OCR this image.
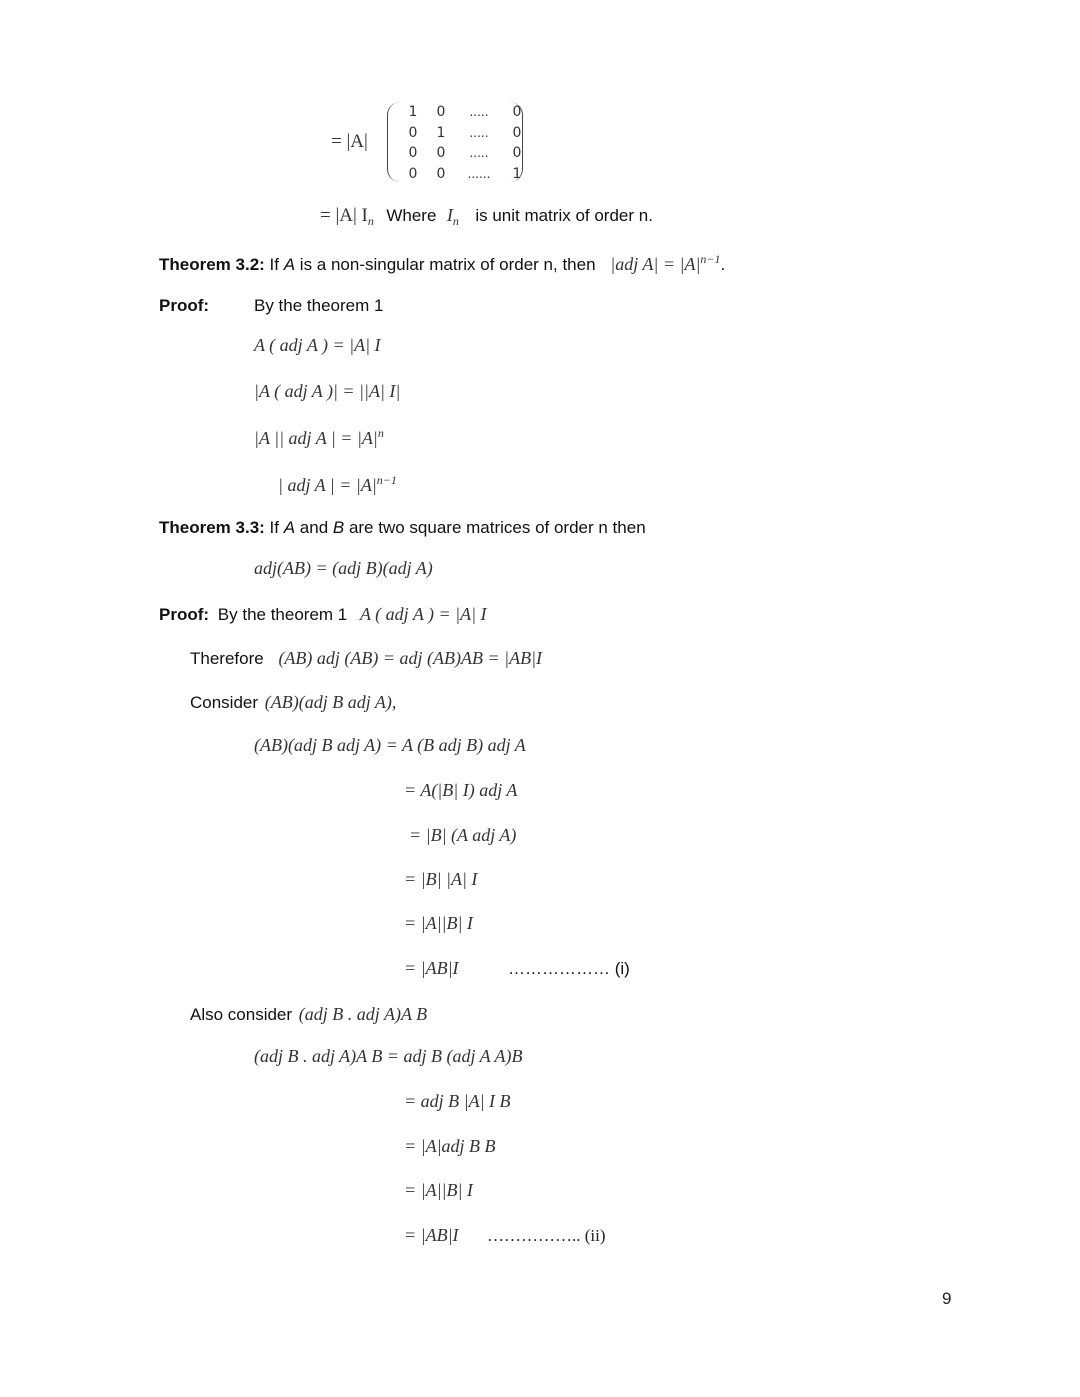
= |A|
1	0	.....	0
0	1	.....	0
0	0	.....	0
0	0	......	1
= |A| $I_n$ Where $I_n$ is unit matrix of order n.
Theorem 3.2: If A is a non-singular matrix of order n, then |adj $A| = |A|^{n-1}$.
Proof:	By the theorem 1
A ( adj A ) = |A| I
|A ( adj A )| = ||A| I|
|A || adj A | = $|A|^n$
| adj A | = $|A|^{n-1}$
Theorem 3.3: If A and B are two square matrices of order n then
adj(AB) = (adj B)(adj A)
Proof: By the theorem 1 A ( adj A ) = |A| I
Therefore (AB) adj (AB) = adj (AB)AB = |AB|I
Consider (AB)(adj B adj A),
(AB)(adj B adj A) = A (B adj B) adj A
= A(|B| I) adj A
= |B| (A adj A)
= |B| |A| I
= |A||B| I
= |AB|I	……………… (i)
Also consider (adj B . adj A)A B
(adj B . adj A)A B = adj B (adj A A)B
= adj B |A| I B
= |A|adj B B
= |A||B| I
= |AB|I …………….. (ii)
9
